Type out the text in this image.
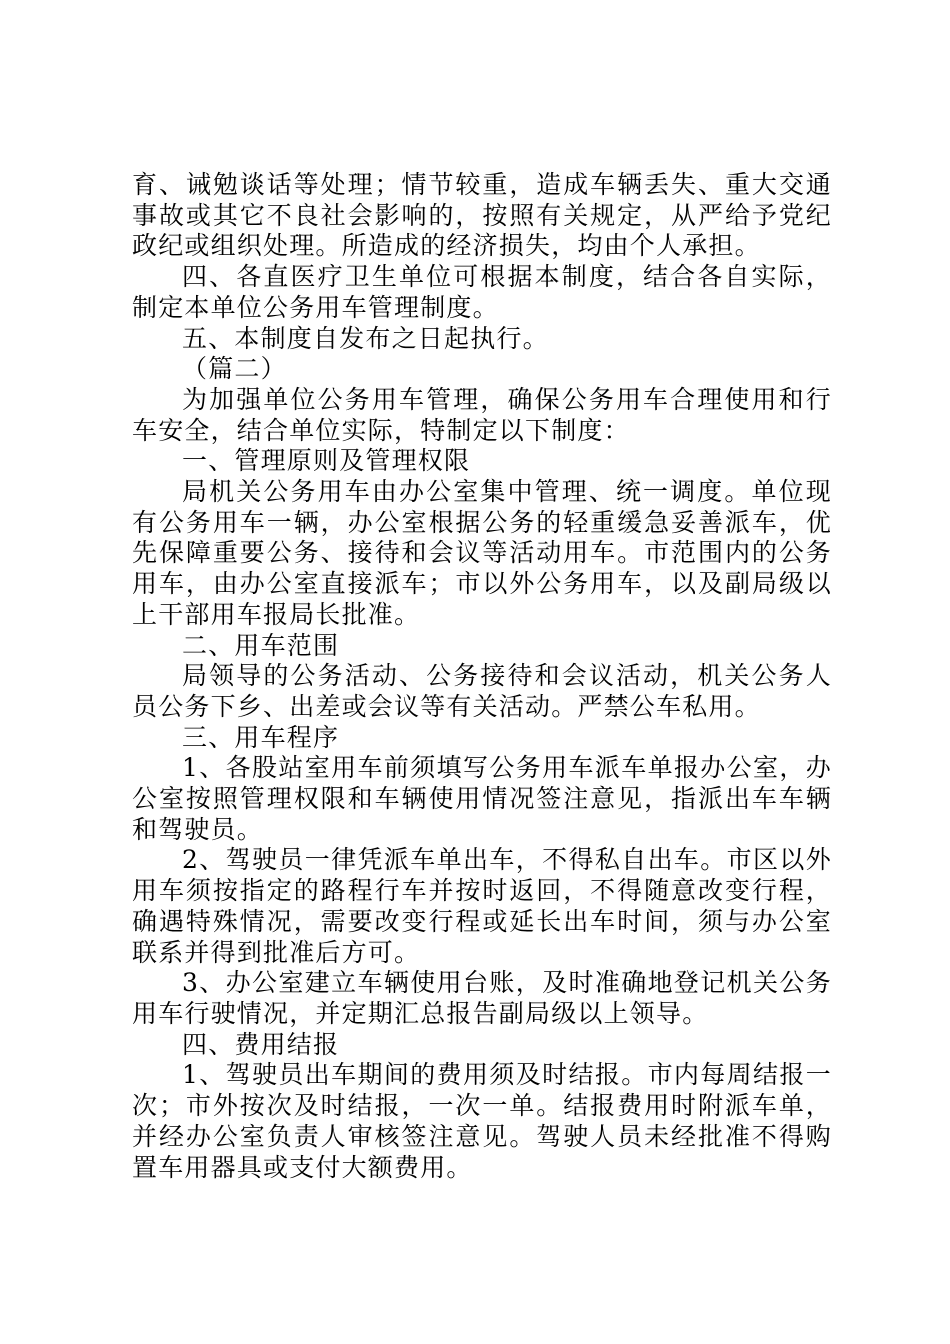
育、诫勉谈话等处理；情节较重，造成车辆丢失、重大交通事故或其它不良社会影响的，按照有关规定，从严给予党纪政纪或组织处理。所造成的经济损失，均由个人承担。

四、各直医疗卫生单位可根据本制度，结合各自实际，制定本单位公务用车管理制度。

五、本制度自发布之日起执行。

（篇二）

为加强单位公务用车管理，确保公务用车合理使用和行车安全，结合单位实际，特制定以下制度：

一、管理原则及管理权限

局机关公务用车由办公室集中管理、统一调度。单位现有公务用车一辆，办公室根据公务的轻重缓急妥善派车，优先保障重要公务、接待和会议等活动用车。市范围内的公务用车，由办公室直接派车；市以外公务用车，以及副局级以上干部用车报局长批准。

二、用车范围

局领导的公务活动、公务接待和会议活动，机关公务人员公务下乡、出差或会议等有关活动。严禁公车私用。

三、用车程序

1、各股站室用车前须填写公务用车派车单报办公室，办公室按照管理权限和车辆使用情况签注意见，指派出车车辆和驾驶员。

2、驾驶员一律凭派车单出车，不得私自出车。市区以外用车须按指定的路程行车并按时返回，不得随意改变行程，确遇特殊情况，需要改变行程或延长出车时间，须与办公室联系并得到批准后方可。

3、办公室建立车辆使用台账，及时准确地登记机关公务用车行驶情况，并定期汇总报告副局级以上领导。

四、费用结报

1、驾驶员出车期间的费用须及时结报。市内每周结报一次；市外按次及时结报，一次一单。结报费用时附派车单，并经办公室负责人审核签注意见。驾驶人员未经批准不得购置车用器具或支付大额费用。
